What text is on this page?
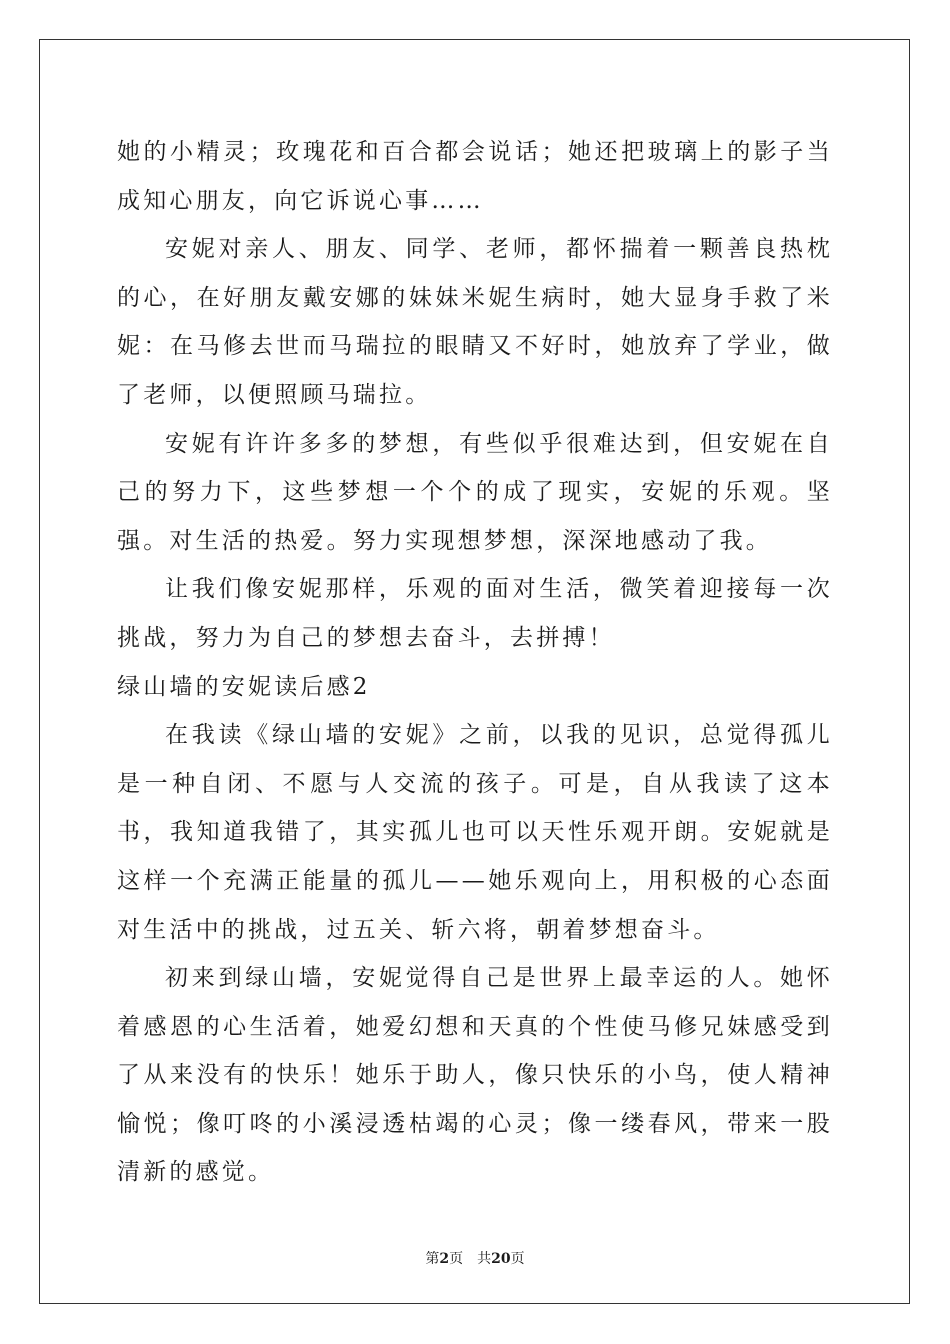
她的小精灵；玫瑰花和百合都会说话；她还把玻璃上的影子当成知心朋友，向它诉说心事……

安妮对亲人、朋友、同学、老师，都怀揣着一颗善良热枕的心，在好朋友戴安娜的妹妹米妮生病时，她大显身手救了米妮：在马修去世而马瑞拉的眼睛又不好时，她放弃了学业，做了老师，以便照顾马瑞拉。

安妮有许许多多的梦想，有些似乎很难达到，但安妮在自己的努力下，这些梦想一个个的成了现实，安妮的乐观。坚强。对生活的热爱。努力实现想梦想，深深地感动了我。

让我们像安妮那样，乐观的面对生活，微笑着迎接每一次挑战，努力为自己的梦想去奋斗，去拼搏！

绿山墙的安妮读后感2

在我读《绿山墙的安妮》之前，以我的见识，总觉得孤儿是一种自闭、不愿与人交流的孩子。可是，自从我读了这本书，我知道我错了，其实孤儿也可以天性乐观开朗。安妮就是这样一个充满正能量的孤儿——她乐观向上，用积极的心态面对生活中的挑战，过五关、斩六将，朝着梦想奋斗。

初来到绿山墙，安妮觉得自己是世界上最幸运的人。她怀着感恩的心生活着，她爱幻想和天真的个性使马修兄妹感受到了从来没有的快乐！她乐于助人，像只快乐的小鸟，使人精神愉悦；像叮咚的小溪浸透枯竭的心灵；像一缕春风，带来一股清新的感觉。

第2页 共20页
